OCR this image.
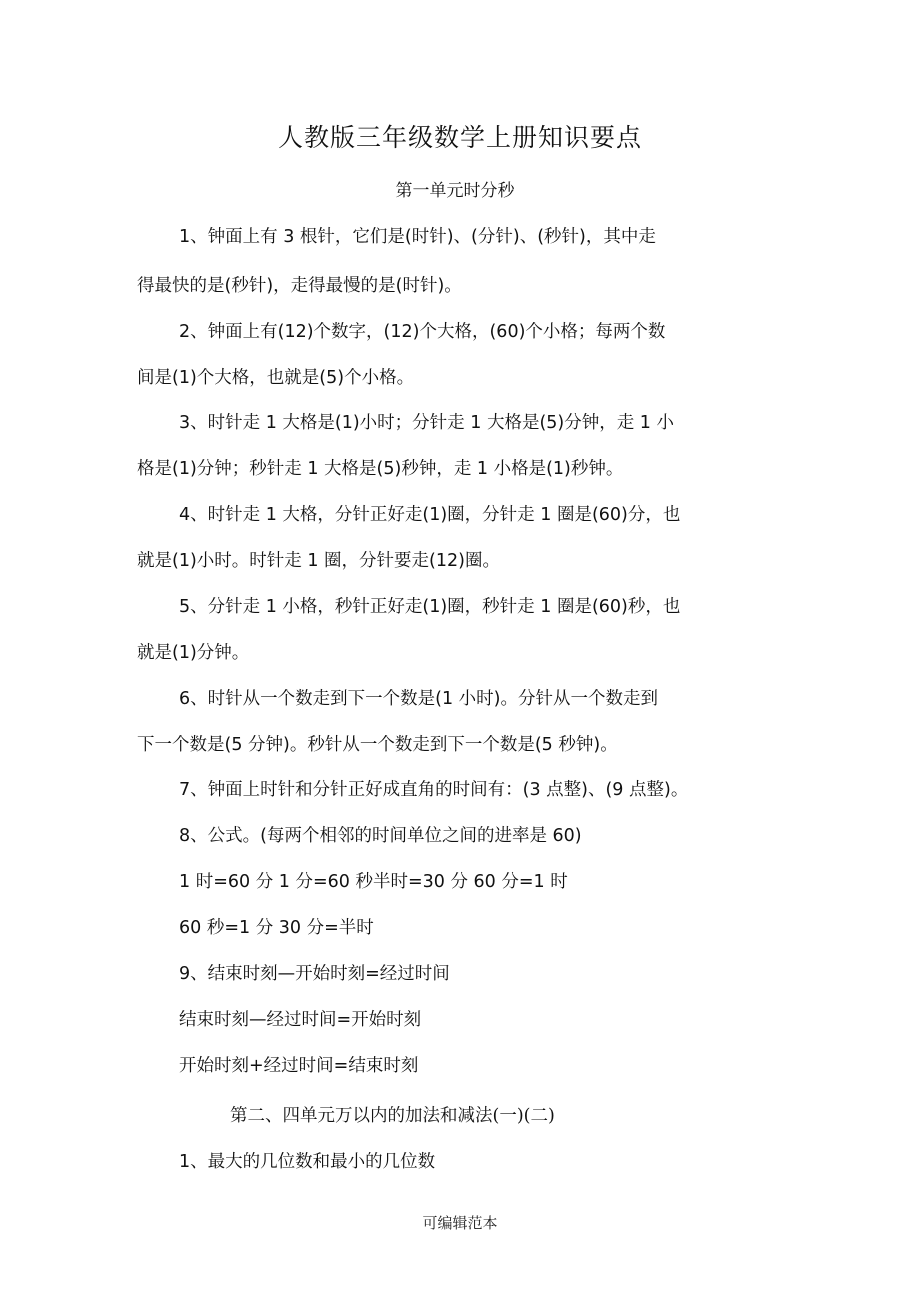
人教版三年级数学上册知识要点
第一单元时分秒
1、钟面上有 3 根针，它们是(时针)、(分针)、(秒针)，其中走
得最快的是(秒针)，走得最慢的是(时针)。
2、钟面上有(12)个数字，(12)个大格，(60)个小格；每两个数
间是(1)个大格，也就是(5)个小格。
3、时针走 1 大格是(1)小时；分针走 1 大格是(5)分钟，走 1 小
格是(1)分钟；秒针走 1 大格是(5)秒钟，走 1 小格是(1)秒钟。
4、时针走 1 大格，分针正好走(1)圈，分针走 1 圈是(60)分，也
就是(1)小时。时针走 1 圈，分针要走(12)圈。
5、分针走 1 小格，秒针正好走(1)圈，秒针走 1 圈是(60)秒，也
就是(1)分钟。
6、时针从一个数走到下一个数是(1 小时)。分针从一个数走到
下一个数是(5 分钟)。秒针从一个数走到下一个数是(5 秒钟)。
7、钟面上时针和分针正好成直角的时间有：(3 点整)、(9 点整)。
8、公式。(每两个相邻的时间单位之间的进率是 60)
1 时=60 分 1 分=60 秒半时=30 分 60 分=1 时
60 秒=1 分 30 分=半时
9、结束时刻—开始时刻=经过时间
结束时刻—经过时间=开始时刻
开始时刻+经过时间=结束时刻
第二、四单元万以内的加法和减法(一)(二)
1、最大的几位数和最小的几位数
可编辑范本
